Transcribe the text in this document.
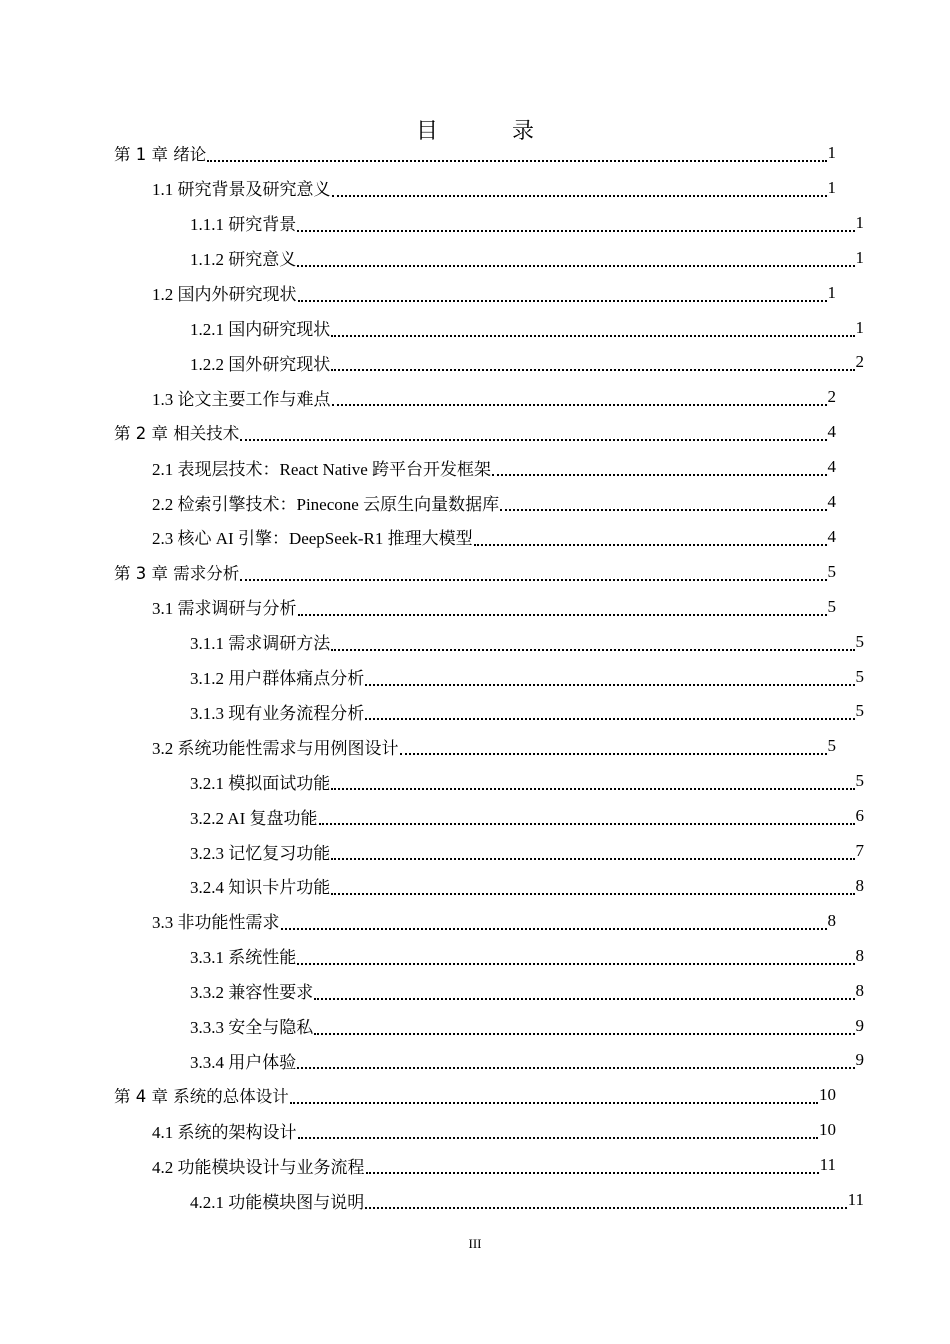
目　录
第 1 章 绪论	1
1.1 研究背景及研究意义	1
1.1.1 研究背景	1
1.1.2 研究意义	1
1.2 国内外研究现状	1
1.2.1 国内研究现状	1
1.2.2 国外研究现状	2
1.3 论文主要工作与难点	2
第 2 章 相关技术	4
2.1 表现层技术：React Native 跨平台开发框架	4
2.2 检索引擎技术：Pinecone 云原生向量数据库	4
2.3 核心 AI 引擎：DeepSeek-R1 推理大模型	4
第 3 章 需求分析	5
3.1 需求调研与分析	5
3.1.1 需求调研方法	5
3.1.2 用户群体痛点分析	5
3.1.3 现有业务流程分析	5
3.2 系统功能性需求与用例图设计	5
3.2.1 模拟面试功能	5
3.2.2 AI 复盘功能	6
3.2.3 记忆复习功能	7
3.2.4 知识卡片功能	8
3.3 非功能性需求	8
3.3.1 系统性能	8
3.3.2 兼容性要求	8
3.3.3 安全与隐私	9
3.3.4 用户体验	9
第 4 章 系统的总体设计	10
4.1 系统的架构设计	10
4.2 功能模块设计与业务流程	11
4.2.1 功能模块图与说明	11
III
